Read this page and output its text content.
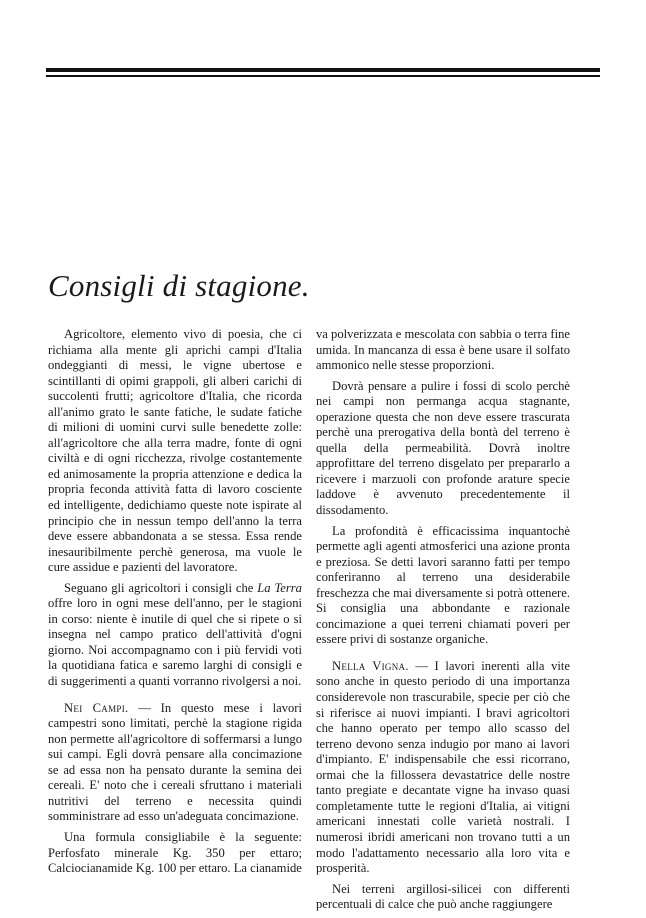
Consigli di stagione.

Agricoltore, elemento vivo di poesia, che ci richiama alla mente gli aprichi campi d'Italia ondeggianti di messi, le vigne ubertose e scintillanti di opimi grappoli, gli alberi carichi di succolenti frutti; agricoltore d'Italia, che ricorda all'animo grato le sante fatiche, le sudate fatiche di milioni di uomini curvi sulle benedette zolle: all'agricoltore che alla terra madre, fonte di ogni civiltà e di ogni ricchezza, rivolge costantemente ed animosamente la propria attenzione e dedica la propria feconda attività fatta di lavoro cosciente ed intelligente, dedichiamo queste note ispirate al principio che in nessun tempo dell'anno la terra deve essere abbandonata a se stessa. Essa rende inesauribilmente perchè generosa, ma vuole le cure assidue e pazienti del lavoratore.

Seguano gli agricoltori i consigli che La Terra offre loro in ogni mese dell'anno, per le stagioni in corso: niente è inutile di quel che si ripete o si insegna nel campo pratico dell'attività d'ogni giorno. Noi accompagnamo con i più fervidi voti la quotidiana fatica e saremo larghi di consigli e di suggerimenti a quanti vorranno rivolgersi a noi.

Nei Campi. — In questo mese i lavori campestri sono limitati, perchè la stagione rigida non permette all'agricoltore di soffermarsi a lungo sui campi. Egli dovrà pensare alla concimazione se ad essa non ha pensato durante la semina dei cereali. E' noto che i cereali sfruttano i materiali nutritivi del terreno e necessita quindi somministrare ad esso un'adeguata concimazione.

Una formula consigliabile è la seguente: Perfosfato minerale Kg. 350 per ettaro; Calciocianamide Kg. 100 per ettaro. La cianamide

va polverizzata e mescolata con sabbia o terra fine umida. In mancanza di essa è bene usare il solfato ammonico nelle stesse proporzioni.

Dovrà pensare a pulire i fossi di scolo perchè nei campi non permanga acqua stagnante, operazione questa che non deve essere trascurata perchè una prerogativa della bontà del terreno è quella della permeabilità. Dovrà inoltre approfittare del terreno disgelato per prepararlo a ricevere i marzuoli con profonde arature specie laddove è avvenuto precedentemente il dissodamento.

La profondità è efficacissima inquantochè permette agli agenti atmosferici una azione pronta e preziosa. Se detti lavori saranno fatti per tempo conferiranno al terreno una desiderabile freschezza che mai diversamente si potrà ottenere. Si consiglia una abbondante e razionale concimazione a quei terreni chiamati poveri per essere privi di sostanze organiche.

Nella Vigna. — I lavori inerenti alla vite sono anche in questo periodo di una importanza considerevole non trascurabile, specie per ciò che si riferisce ai nuovi impianti. I bravi agricoltori che hanno operato per tempo allo scasso del terreno devono senza indugio por mano ai lavori d'impianto. E' indispensabile che essi ricorrano, ormai che la fillossera devastatrice delle nostre tanto pregiate e decantate vigne ha invaso quasi completamente tutte le regioni d'Italia, ai vitigni americani innestati colle varietà nostrali. I numerosi ibridi americani non trovano tutti a un modo l'adattamento necessario alla loro vita e prosperità.

Nei terreni argillosi-silicei con differenti percentuali di calce che può anche raggiungere
